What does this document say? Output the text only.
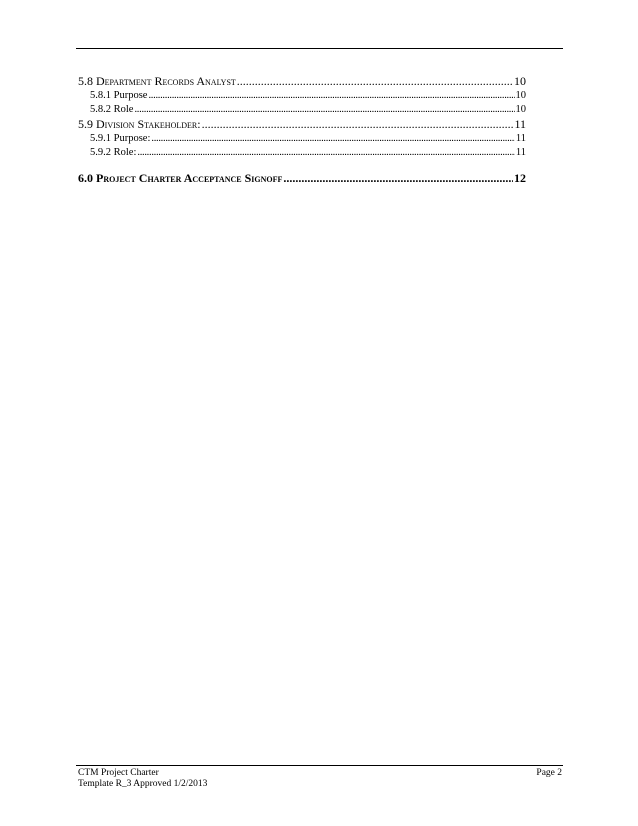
5.8 Department Records Analyst .....	10
5.8.1 Purpose .....	10
5.8.2 Role .....	10
5.9 Division Stakeholder: .....	11
5.9.1 Purpose: .....	11
5.9.2 Role: .....	11
6.0 Project Charter Acceptance Signoff .....	12
CTM Project Charter
Template R_3 Approved 1/2/2013
Page 2
